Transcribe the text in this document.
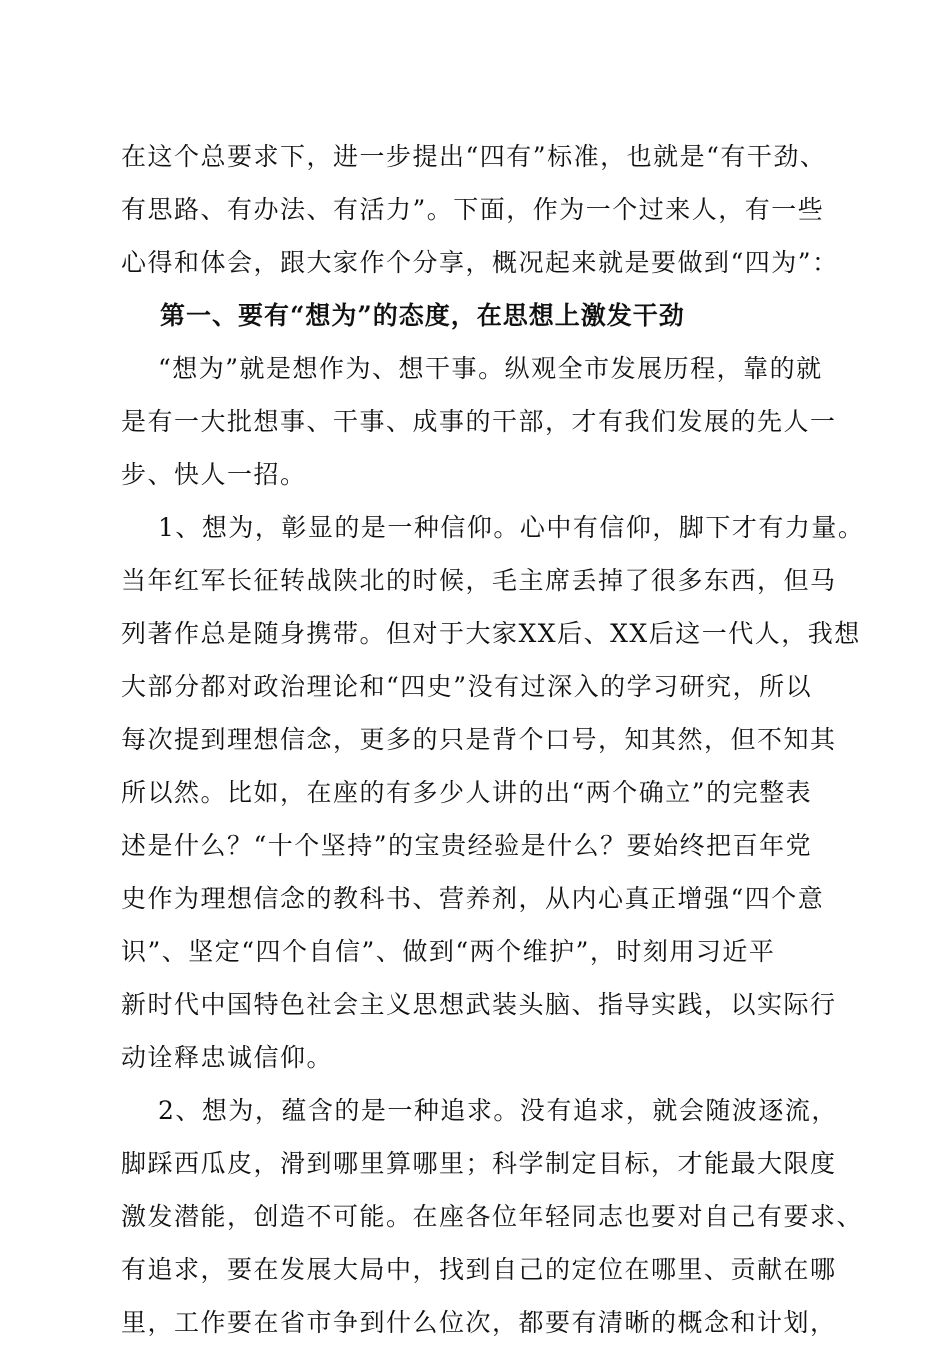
在这个总要求下，进一步提出“四有”标准，也就是“有干劲、
有思路、有办法、有活力”。下面，作为一个过来人，有一些
心得和体会，跟大家作个分享，概况起来就是要做到“四为”：
第一、要有“想为”的态度，在思想上激发干劲
“想为”就是想作为、想干事。纵观全市发展历程，靠的就
是有一大批想事、干事、成事的干部，才有我们发展的先人一
步、快人一招。
1、想为，彰显的是一种信仰。心中有信仰，脚下才有力量。
当年红军长征转战陕北的时候，毛主席丢掉了很多东西，但马
列著作总是随身携带。但对于大家XX后、XX后这一代人，我想
大部分都对政治理论和“四史”没有过深入的学习研究，所以
每次提到理想信念，更多的只是背个口号，知其然，但不知其
所以然。比如，在座的有多少人讲的出“两个确立”的完整表
述是什么？“十个坚持”的宝贵经验是什么？要始终把百年党
史作为理想信念的教科书、营养剂，从内心真正增强“四个意
识”、坚定“四个自信”、做到“两个维护”，时刻用习近平
新时代中国特色社会主义思想武装头脑、指导实践，以实际行
动诠释忠诚信仰。
2、想为，蕴含的是一种追求。没有追求，就会随波逐流，
脚踩西瓜皮，滑到哪里算哪里；科学制定目标，才能最大限度
激发潜能，创造不可能。在座各位年轻同志也要对自己有要求、
有追求，要在发展大局中，找到自己的定位在哪里、贡献在哪
里，工作要在省市争到什么位次，都要有清晰的概念和计划，
